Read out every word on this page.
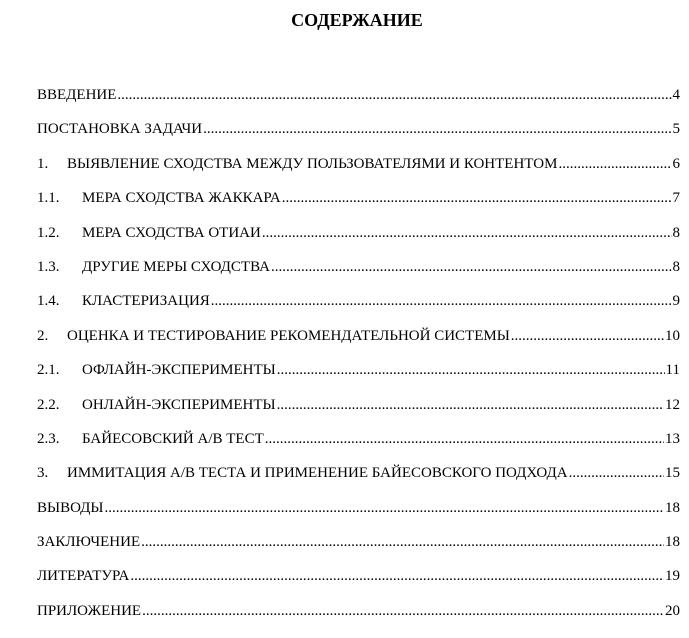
СОДЕРЖАНИЕ
ВВЕДЕНИЕ .....	4
ПОСТАНОВКА ЗАДАЧИ .....	5
1.	ВЫЯВЛЕНИЕ СХОДСТВА МЕЖДУ ПОЛЬЗОВАТЕЛЯМИ И КОНТЕНТОМ .....	6
1.1.	МЕРА СХОДСТВА ЖАККАРА .....	7
1.2.	МЕРА СХОДСТВА ОТИАИ .....	8
1.3.	ДРУГИЕ МЕРЫ СХОДСТВА .....	8
1.4.	КЛАСТЕРИЗАЦИЯ .....	9
2.	ОЦЕНКА И ТЕСТИРОВАНИЕ РЕКОМЕНДАТЕЛЬНОЙ СИСТЕМЫ .....	10
2.1.	ОФЛАЙН-ЭКСПЕРИМЕНТЫ .....	11
2.2.	ОНЛАЙН-ЭКСПЕРИМЕНТЫ .....	12
2.3.	БАЙЕСОВСКИЙ A/B ТЕСТ .....	13
3.	ИММИТАЦИЯ A/B ТЕСТА И ПРИМЕНЕНИЕ БАЙЕСОВСКОГО ПОДХОДА .....	15
ВЫВОДЫ .....	18
ЗАКЛЮЧЕНИЕ .....	18
ЛИТЕРАТУРА .....	19
ПРИЛОЖЕНИЕ .....	20
